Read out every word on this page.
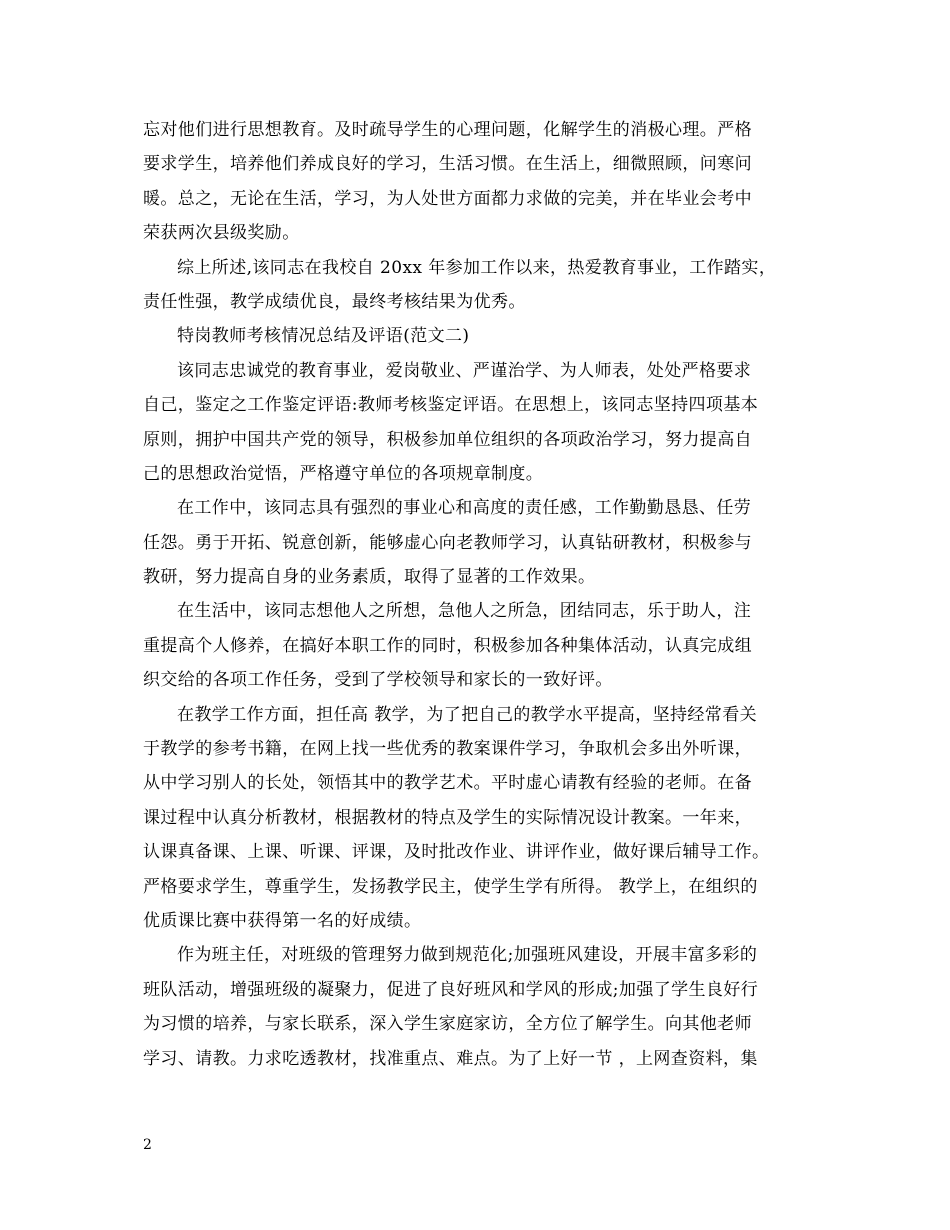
忘对他们进行思想教育。及时疏导学生的心理问题，化解学生的消极心理。严格
要求学生，培养他们养成良好的学习，生活习惯。在生活上，细微照顾，问寒问
暖。总之，无论在生活，学习，为人处世方面都力求做的完美，并在毕业会考中
荣获两次县级奖励。
综上所述,该同志在我校自 20xx 年参加工作以来，热爱教育事业，工作踏实，
责任性强，教学成绩优良，最终考核结果为优秀。
特岗教师考核情况总结及评语(范文二)
该同志忠诚党的教育事业，爱岗敬业、严谨治学、为人师表，处处严格要求
自己，鉴定之工作鉴定评语:教师考核鉴定评语。在思想上，该同志坚持四项基本
原则，拥护中国共产党的领导，积极参加单位组织的各项政治学习，努力提高自
己的思想政治觉悟，严格遵守单位的各项规章制度。
在工作中，该同志具有强烈的事业心和高度的责任感，工作勤勤恳恳、任劳
任怨。勇于开拓、锐意创新，能够虚心向老教师学习，认真钻研教材，积极参与
教研，努力提高自身的业务素质，取得了显著的工作效果。
在生活中，该同志想他人之所想，急他人之所急，团结同志，乐于助人，注
重提高个人修养，在搞好本职工作的同时，积极参加各种集体活动，认真完成组
织交给的各项工作任务，受到了学校领导和家长的一致好评。
在教学工作方面，担任高 教学，为了把自己的教学水平提高，坚持经常看关
于教学的参考书籍，在网上找一些优秀的教案课件学习，争取机会多出外听课，
从中学习别人的长处，领悟其中的教学艺术。平时虚心请教有经验的老师。在备
课过程中认真分析教材，根据教材的特点及学生的实际情况设计教案。一年来，
认课真备课、上课、听课、评课，及时批改作业、讲评作业，做好课后辅导工作。
严格要求学生，尊重学生，发扬教学民主，使学生学有所得。 教学上，在组织的
优质课比赛中获得第一名的好成绩。
作为班主任，对班级的管理努力做到规范化;加强班风建设，开展丰富多彩的
班队活动，增强班级的凝聚力，促进了良好班风和学风的形成;加强了学生良好行
为习惯的培养，与家长联系，深入学生家庭家访，全方位了解学生。向其他老师
学习、请教。力求吃透教材，找准重点、难点。为了上好一节 ，上网查资料，集
2
